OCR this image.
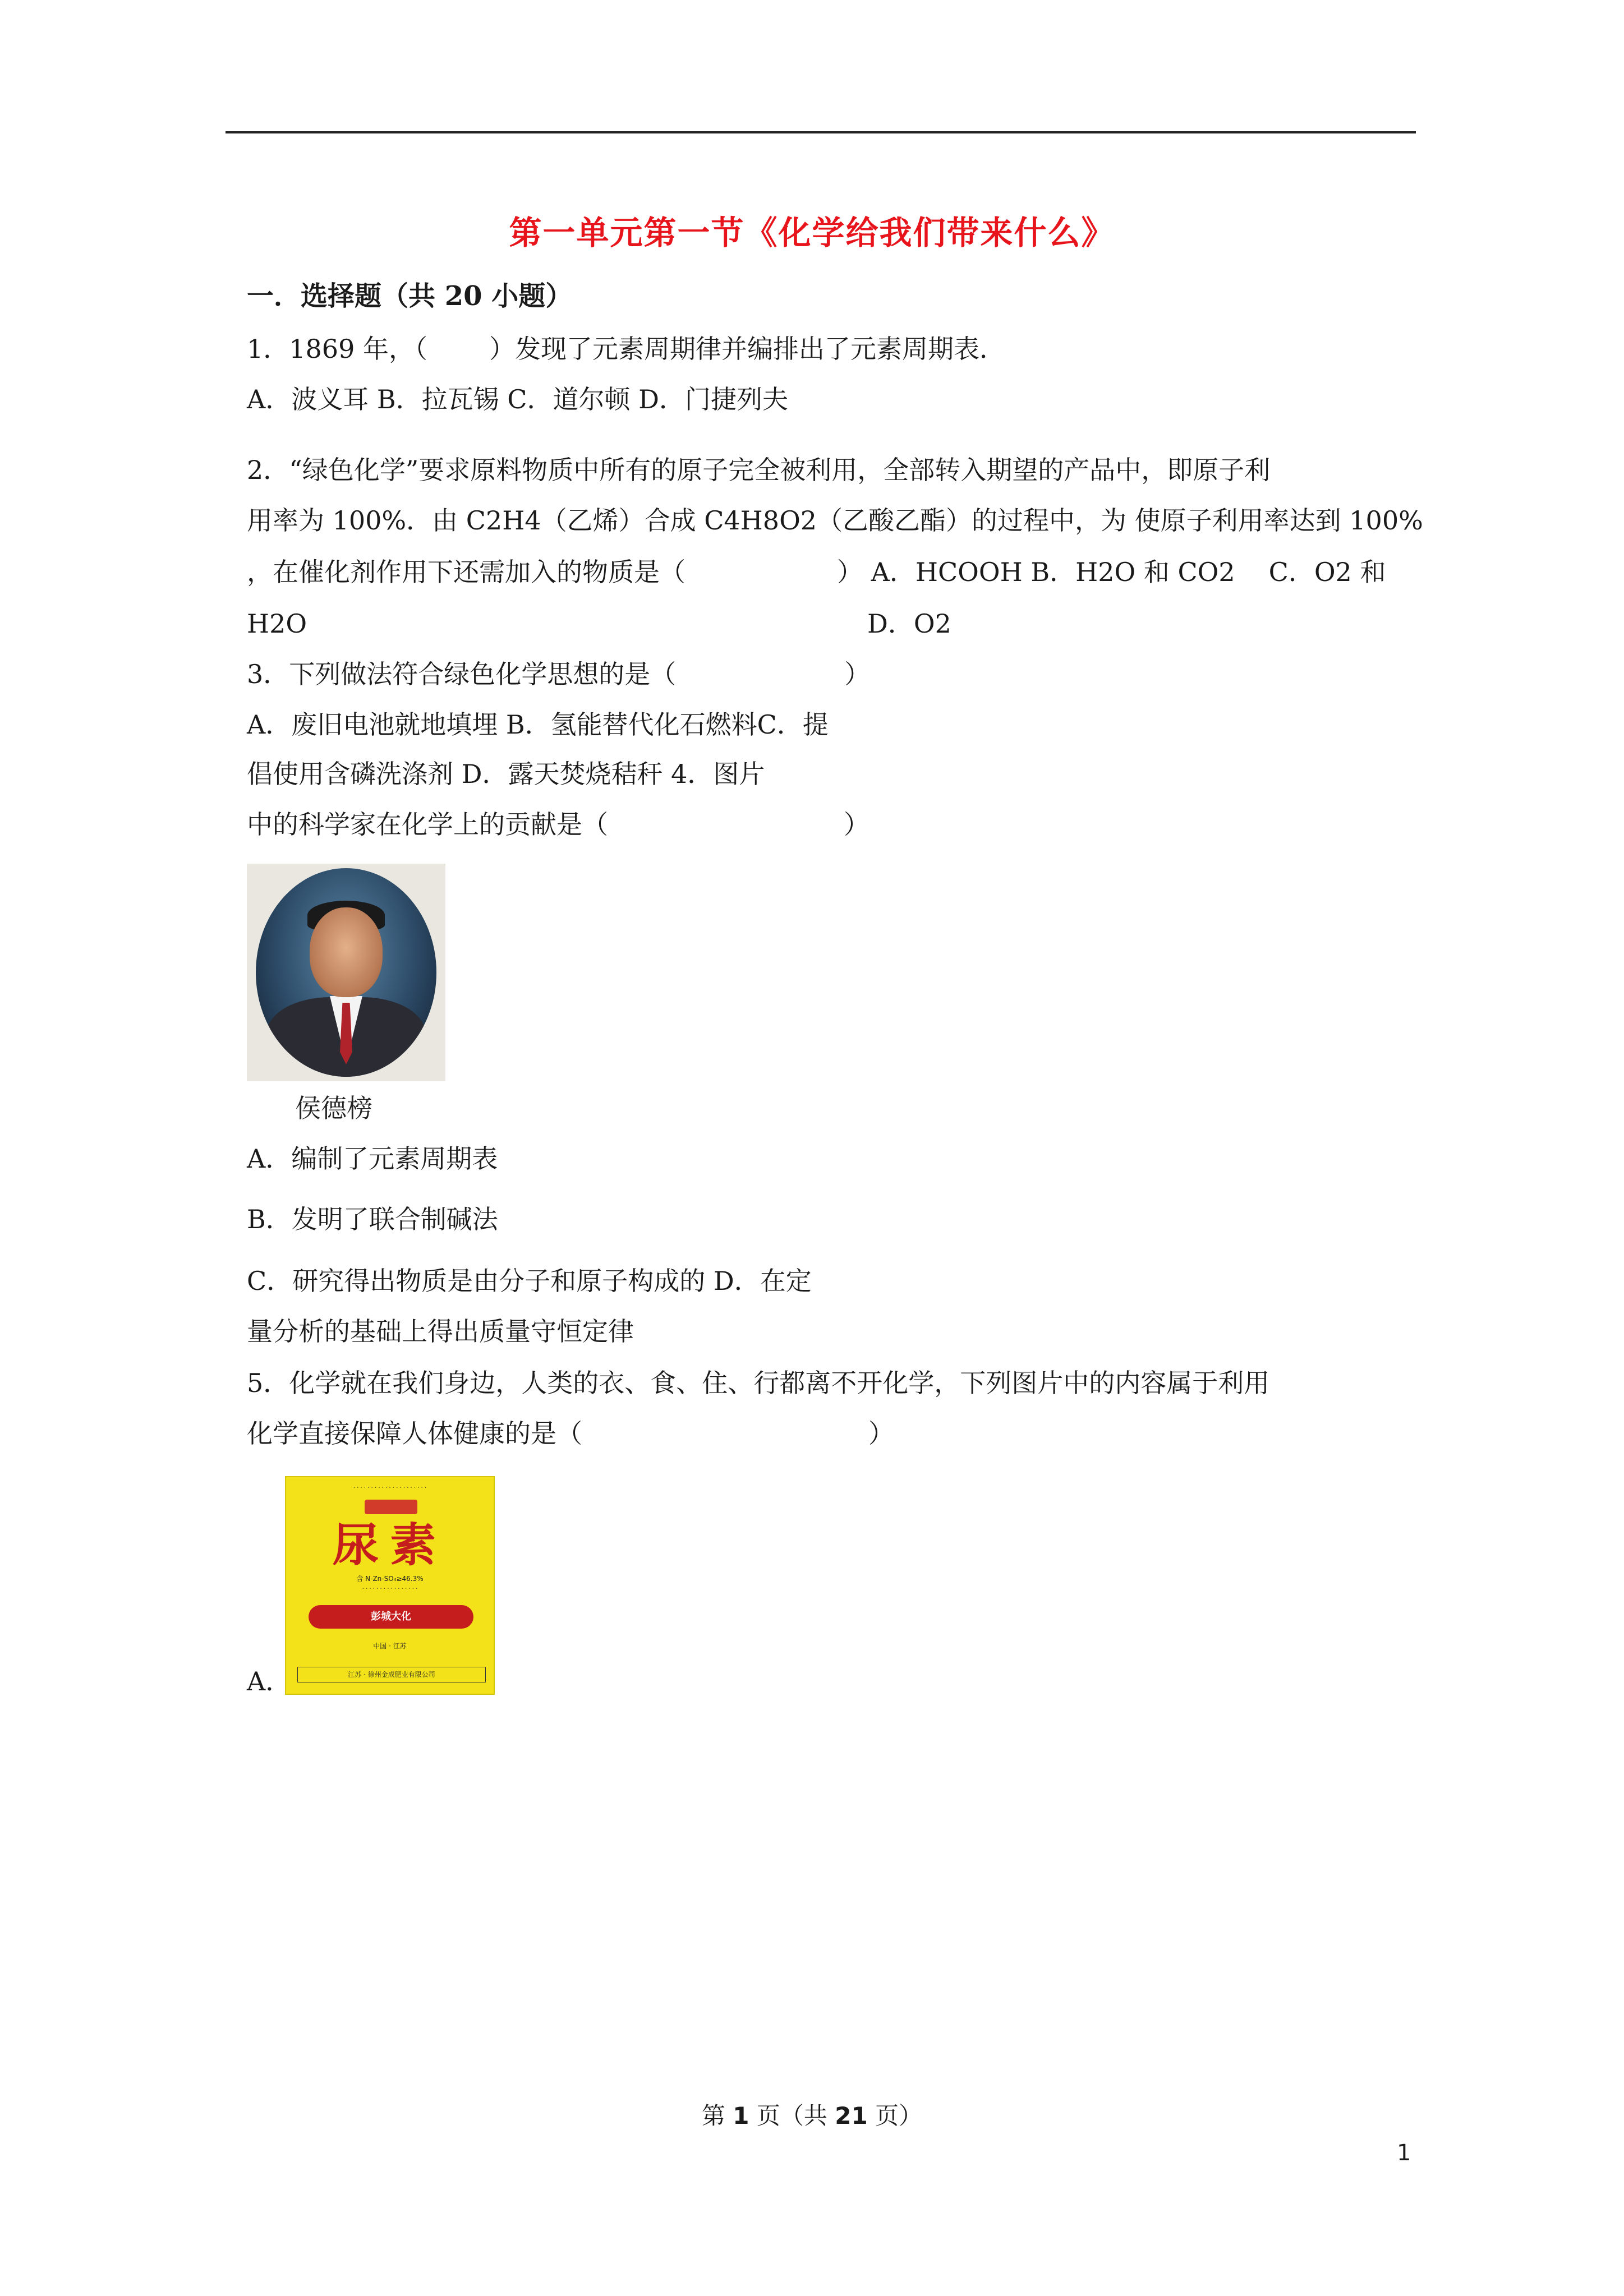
第一单元第一节《化学给我们带来什么》
一．选择题（共 20 小题）
1．1869 年，（ ）发现了元素周期律并编排出了元素周期表．
A．波义耳 B．拉瓦锡 C．道尔顿 D．门捷列夫
2．“绿色化学”要求原料物质中所有的原子完全被利用，全部转入期望的产品中，即原子利
用率为 100%．由 C2H4（乙烯）合成 C4H8O2（乙酸乙酯）的过程中，为 使原子利用率达到 100%
，在催化剂作用下还需加入的物质是（	） A．HCOOH B．H2O 和 CO2 C．O2 和
H2O	D．O2
3．下列做法符合绿色化学思想的是（	）
A．废旧电池就地填埋 B．氢能替代化石燃料C．提
倡使用含磷洗涤剂 D．露天焚烧秸秆 4．图片
中的科学家在化学上的贡献是（	）
侯德榜
A．编制了元素周期表
B．发明了联合制碱法
C．研究得出物质是由分子和原子构成的 D．在定
量分析的基础上得出质量守恒定律
5．化学就在我们身边，人类的衣、食、住、行都离不开化学，下列图片中的内容属于利用
化学直接保障人体健康的是（	）
· · · · · · · · · · · · · · · · · · · · ·
尿素
含 N-Zn-SO₄≥46.3%
· · · · · · · · · · · · · · · ·
彭城大化
中国 · 江苏
江苏 · 徐州金成肥业有限公司
A．
第 1 页（共 21 页）
1
